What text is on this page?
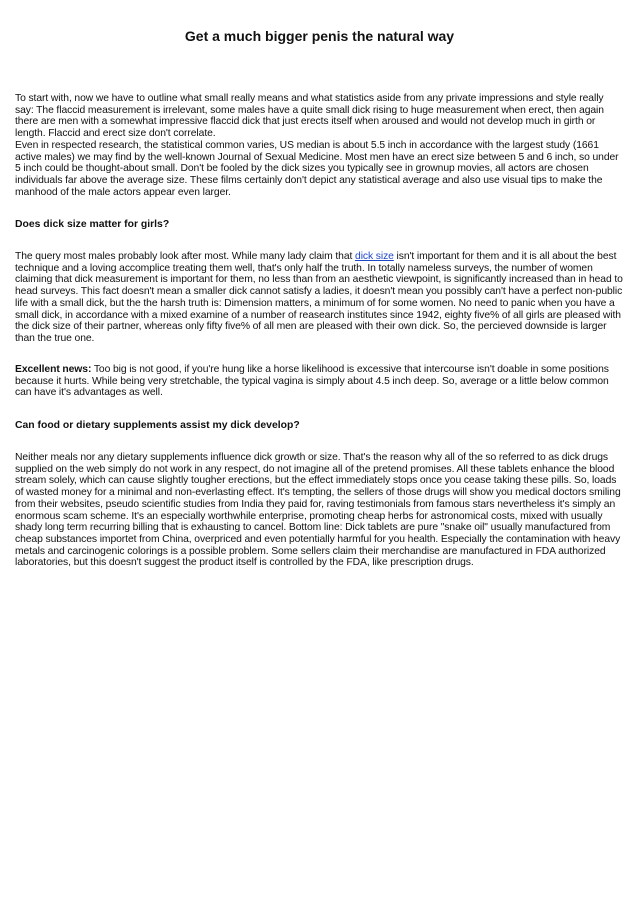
Get a much bigger penis the natural way

To start with, now we have to outline what small really means and what statistics aside from any private impressions and style really say: The flaccid measurement is irrelevant, some males have a quite small dick rising to huge measurement when erect, then again there are men with a somewhat impressive flaccid dick that just erects itself when aroused and would not develop much in girth or length. Flaccid and erect size don't correlate.

Even in respected research, the statistical common varies, US median is about 5.5 inch in accordance with the largest study (1661 active males) we may find by the well-known Journal of Sexual Medicine. Most men have an erect size between 5 and 6 inch, so under 5 inch could be thought-about small. Don't be fooled by the dick sizes you typically see in grownup movies, all actors are chosen individuals far above the average size. These films certainly don't depict any statistical average and also use visual tips to make the manhood of the male actors appear even larger.

Does dick size matter for girls?
The query most males probably look after most. While many lady claim that dick size isn't important for them and it is all about the best technique and a loving accomplice treating them well, that's only half the truth. In totally nameless surveys, the number of women claiming that dick measurement is important for them, no less than from an aesthetic viewpoint, is significantly increased than in head to head surveys. This fact doesn't mean a smaller dick cannot satisfy a ladies, it doesn't mean you possibly can't have a perfect non-public life with a small dick, but the the harsh truth is: Dimension matters, a minimum of for some women. No need to panic when you have a small dick, in accordance with a mixed examine of a number of reasearch institutes since 1942, eighty five% of all girls are pleased with the dick size of their partner, whereas only fifty five% of all men are pleased with their own dick. So, the percieved downside is larger than the true one.
Excellent news: Too big is not good, if you're hung like a horse likelihood is excessive that intercourse isn't doable in some positions because it hurts. While being very stretchable, the typical vagina is simply about 4.5 inch deep. So, average or a little below common can have it's advantages as well.
Can food or dietary supplements assist my dick develop?
Neither meals nor any dietary supplements influence dick growth or size. That's the reason why all of the so referred to as dick drugs supplied on the web simply do not work in any respect, do not imagine all of the pretend promises. All these tablets enhance the blood stream solely, which can cause slightly tougher erections, but the effect immediately stops once you cease taking these pills. So, loads of wasted money for a minimal and non-everlasting effect. It's tempting, the sellers of those drugs will show you medical doctors smiling from their websites, pseudo scientific studies from India they paid for, raving testimonials from famous stars nevertheless it's simply an enormous scam scheme. It's an especially worthwhile enterprise, promoting cheap herbs for astronomical costs, mixed with usually shady long term recurring billing that is exhausting to cancel. Bottom line: Dick tablets are pure "snake oil" usually manufactured from cheap substances importet from China, overpriced and even potentially harmful for you health. Especially the contamination with heavy metals and carcinogenic colorings is a possible problem. Some sellers claim their merchandise are manufactured in FDA authorized laboratories, but this doesn't suggest the product itself is controlled by the FDA, like prescription drugs.
